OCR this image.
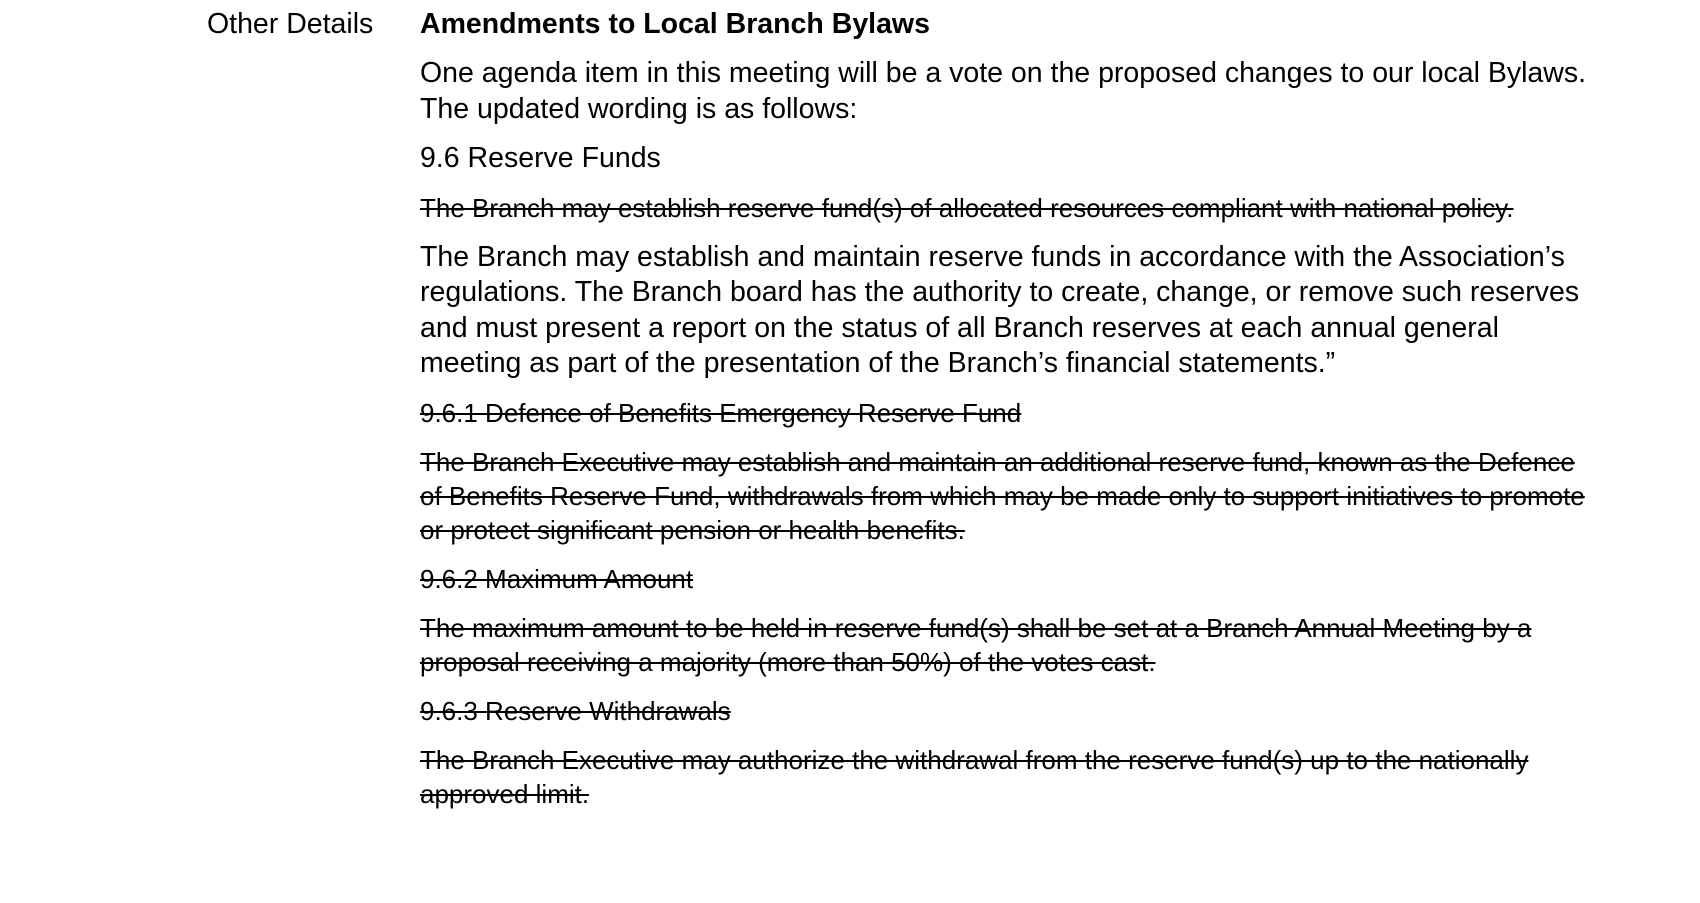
Other Details Amendments to Local Branch Bylaws
One agenda item in this meeting will be a vote on the proposed changes to our local Bylaws. The updated wording is as follows:
9.6 Reserve Funds
The Branch may establish reserve fund(s) of allocated resources compliant with national policy.
The Branch may establish and maintain reserve funds in accordance with the Association’s regulations. The Branch board has the authority to create, change, or remove such reserves and must present a report on the status of all Branch reserves at each annual general meeting as part of the presentation of the Branch’s financial statements.”
9.6.1 Defence of Benefits Emergency Reserve Fund
The Branch Executive may establish and maintain an additional reserve fund, known as the Defence of Benefits Reserve Fund, withdrawals from which may be made only to support initiatives to promote or protect significant pension or health benefits.
9.6.2 Maximum Amount
The maximum amount to be held in reserve fund(s) shall be set at a Branch Annual Meeting by a proposal receiving a majority (more than 50%) of the votes cast.
9.6.3 Reserve Withdrawals
The Branch Executive may authorize the withdrawal from the reserve fund(s) up to the nationally approved limit.
